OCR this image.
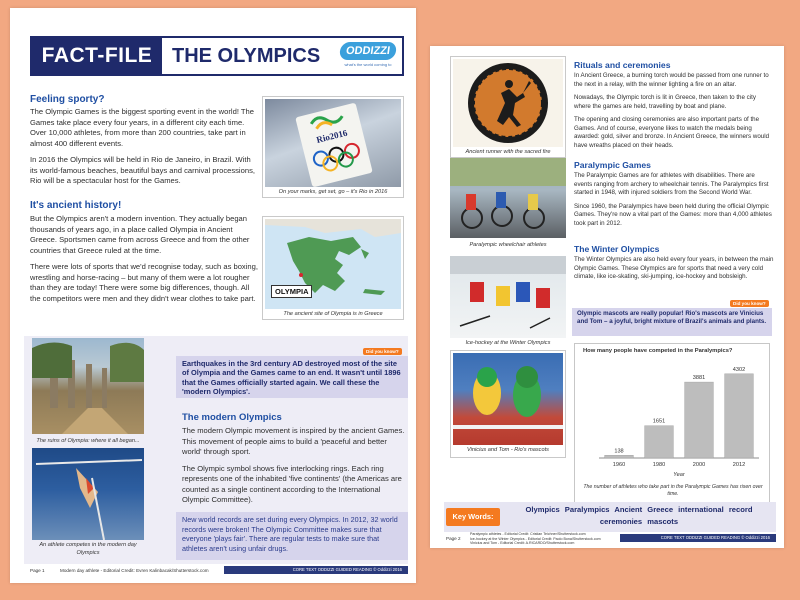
FACT-FILE THE OLYMPICS	ODDIZZI
what's the world coming to
Feeling sporty?

The Olympic Games is the biggest sporting event in the world! The Games take place every four years, in a different city each time. Over 10,000 athletes, from more than 200 countries, take part in almost 400 different events.

In 2016 the Olympics will be held in Rio de Janeiro, in Brazil. With its world-famous beaches, beautiful bays and carnival processions, Rio will be a spectacular host for the Games.

Rio2016
On your marks, get set, go – it's Rio in 2016
It's ancient history!

But the Olympics aren't a modern invention. They actually began thousands of years ago, in a place called Olympia in Ancient Greece. Sportsmen came from across Greece and from the other countries that Greece ruled at the time.

There were lots of sports that we'd recognise today, such as boxing, wrestling and horse-racing – but many of them were a lot rougher than they are today! There were some big differences, though. All the competitors were men and they didn't wear clothes to take part.

OLYMPIA
The ancient site of Olympia is in Greece
The ruins of Olympia: where it all began...
Did you know?
Earthquakes in the 3rd century AD destroyed most of the site of Olympia and the Games came to an end. It wasn't until 1896 that the Games officially started again. We call these the 'modern Olympics'.
The modern Olympics

The modern Olympic movement is inspired by the ancient Games. This movement of people aims to build a 'peaceful and better world' through sport.

The Olympic symbol shows five interlocking rings. Each ring represents one of the inhabited 'five continents' (the Americas are counted as a single continent according to the International Olympic Committee).

New world records are set during every Olympics. In 2012, 32 world records were broken! The Olympic Committee makes sure that everyone 'plays fair'. There are regular tests to make sure that athletes aren't using unfair drugs.
An athlete competes in the modern day Olympics
Page 1	Modern day athlete - Editorial Credit: Evren Kalinbacak/Shutterstock.com	CORE TEXT ODDIZZI GUIDED READING © Oddizzi 2016
Ancient runner with the sacred fire
Rituals and ceremonies

In Ancient Greece, a burning torch would be passed from one runner to the next in a relay, with the winner lighting a fire on an altar.

Nowadays, the Olympic torch is lit in Greece, then taken to the city where the games are held, travelling by boat and plane.

The opening and closing ceremonies are also important parts of the Games. And of course, everyone likes to watch the medals being awarded: gold, silver and bronze. In Ancient Greece, the winners would have wreaths placed on their heads.

Paralympic wheelchair athletes
Paralympic Games

The Paralympic Games are for athletes with disabilities. There are events ranging from archery to wheelchair tennis. The Paralympics first started in 1948, with injured soldiers from the Second World War.

Since 1960, the Paralympics have been held during the official Olympic Games. They're now a vital part of the Games: more than 4,000 athletes took part in 2012.

Ice-hockey at the Winter Olympics
The Winter Olympics

The Winter Olympics are also held every four years, in between the main Olympic Games. These Olympics are for sports that need a very cold climate, like ice-skating, ski-jumping, ice-hockey and bobsleigh.

Did you know?
Olympic mascots are really popular! Rio's mascots are Vinicius and Tom – a joyful, bright mixture of Brazil's animals and plants.
Vinicius and Tom - Rio's mascots
How many people have competed in the Paralympics?
138
1960
1651
1980
3881
2000
4302
2012
Year
The number of athletes who take part in the Paralympic Games has risen over time.
Key Words:
Olympics Paralympics Ancient Greece international record ceremonies mascots
Page 2
Paralympic athletes - Editorial Credit: Cristian Teichner/Shutterstock.com
Ice-hockey at the Winter Olympics - Editorial Credit: Paolo Bona/Shutterstock.com
Vinicius and Tom - Editorial Credit: A.RICARDO/Shutterstock.com
CORE TEXT ODDIZZI GUIDED READING © Oddizzi 2016
